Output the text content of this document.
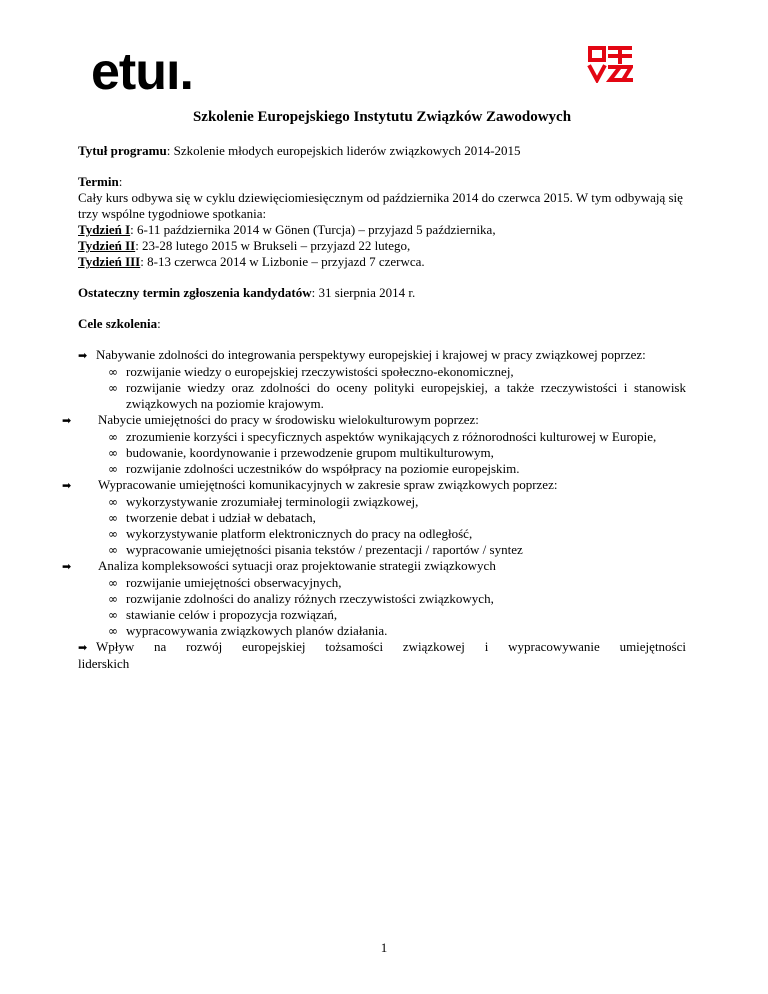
etuı.

Szkolenie Europejskiego Instytutu Związków Zawodowych

Tytuł programu: Szkolenie młodych europejskich liderów związkowych 2014-2015

Termin:

Cały kurs odbywa się w cyklu dziewięciomiesięcznym od października 2014 do czerwca 2015. W tym odbywają się trzy wspólne tygodniowe spotkania:

Tydzień I: 6-11 października 2014 w Gönen (Turcja) – przyjazd 5 października,

Tydzień II: 23-28 lutego 2015 w Brukseli – przyjazd 22 lutego,

Tydzień III: 8-13 czerwca 2014 w Lizbonie – przyjazd 7 czerwca.

Ostateczny termin zgłoszenia kandydatów: 31 sierpnia 2014 r.

Cele szkolenia:

➡ Nabywanie zdolności do integrowania perspektywy europejskiej i krajowej w pracy związkowej poprzez:

∞ rozwijanie wiedzy o europejskiej rzeczywistości społeczno-ekonomicznej,

∞ rozwijanie wiedzy oraz zdolności do oceny polityki europejskiej, a także rzeczywistości i stanowisk związkowych na poziomie krajowym.

➡ Nabycie umiejętności do pracy w środowisku wielokulturowym poprzez:

∞ zrozumienie korzyści i specyficznych aspektów wynikających z różnorodności kulturowej w Europie,

∞ budowanie, koordynowanie i przewodzenie grupom multikulturowym,

∞ rozwijanie zdolności uczestników do współpracy na poziomie europejskim.

➡ Wypracowanie umiejętności komunikacyjnych w zakresie spraw związkowych poprzez:

∞ wykorzystywanie zrozumiałej terminologii związkowej,

∞ tworzenie debat i udział w debatach,

∞ wykorzystywanie platform elektronicznych do pracy na odległość,

∞ wypracowanie umiejętności pisania tekstów / prezentacji / raportów / syntez

➡ Analiza kompleksowości sytuacji oraz projektowanie strategii związkowych

∞ rozwijanie umiejętności obserwacyjnych,

∞ rozwijanie zdolności do analizy różnych rzeczywistości związkowych,

∞ stawianie celów i propozycja rozwiązań,

∞ wypracowywania związkowych planów działania.

➡ Wpływ na rozwój europejskiej tożsamości związkowej i wypracowywanie umiejętności

liderskich

1
